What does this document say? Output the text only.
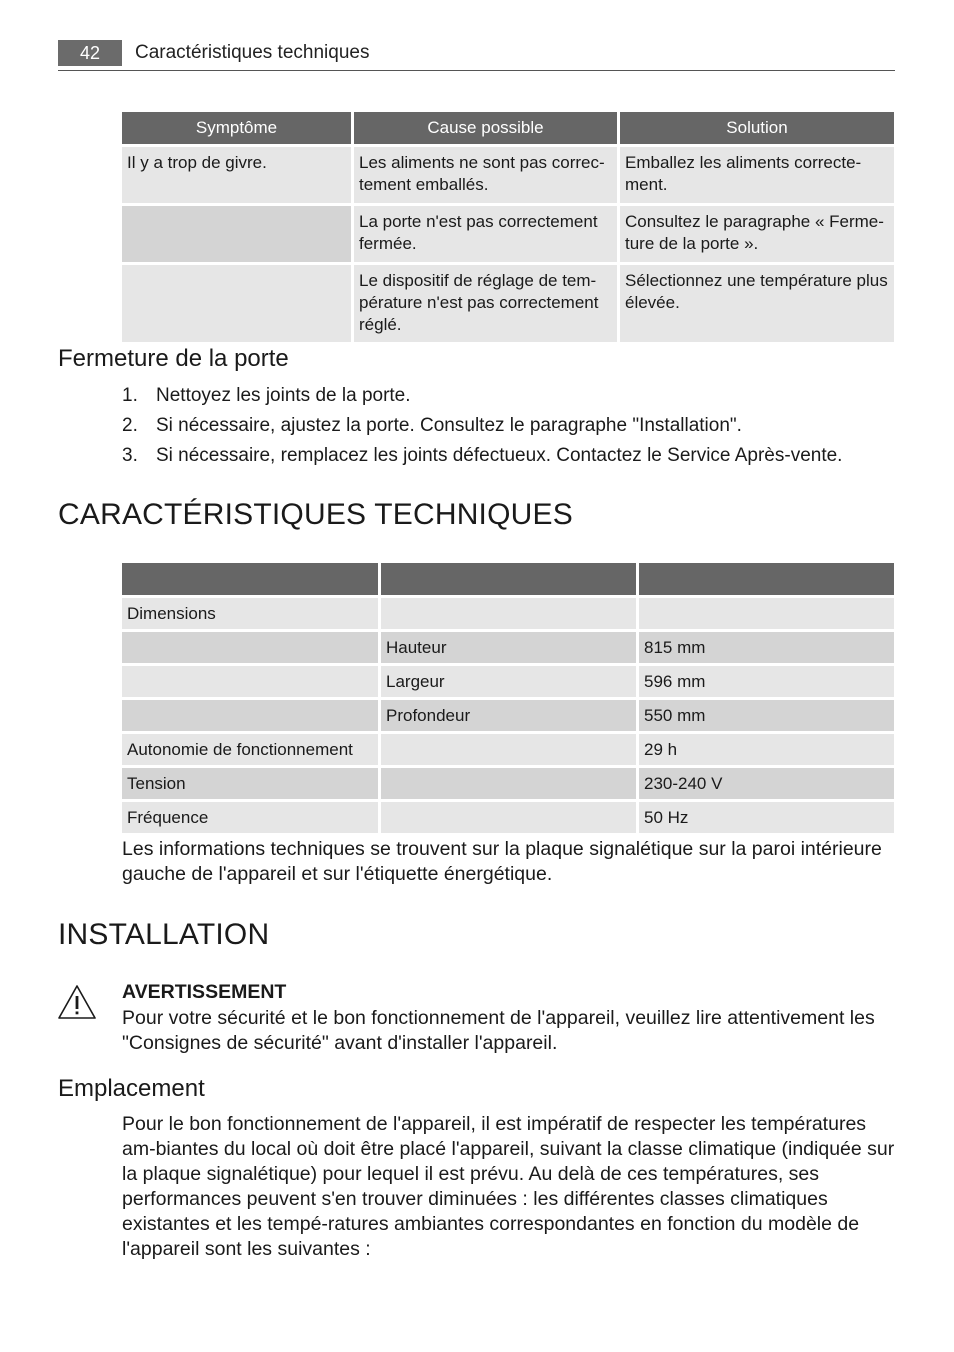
42	Caractéristiques techniques
Symptôme	Cause possible	Solution
Il y a trop de givre.	Les aliments ne sont pas correc-tement emballés.	Emballez les aliments correcte-ment.
	La porte n'est pas correctement fermée.	Consultez le paragraphe « Ferme-ture de la porte ».
	Le dispositif de réglage de tem-pérature n'est pas correctement réglé.	Sélectionnez une température plus élevée.
Fermeture de la porte
1. Nettoyez les joints de la porte.
2. Si nécessaire, ajustez la porte. Consultez le paragraphe "Installation".
3. Si nécessaire, remplacez les joints défectueux. Contactez le Service Après-vente.
CARACTÉRISTIQUES TECHNIQUES

Dimensions		
	Hauteur	815 mm
	Largeur	596 mm
	Profondeur	550 mm
Autonomie de fonctionnement		29 h
Tension		230-240 V
Fréquence		50 Hz
Les informations techniques se trouvent sur la plaque signalétique sur la paroi intérieure gauche de l'appareil et sur l'étiquette énergétique.
INSTALLATION
AVERTISSEMENT
Pour votre sécurité et le bon fonctionnement de l'appareil, veuillez lire attentivement les "Consignes de sécurité" avant d'installer l'appareil.
Emplacement
Pour le bon fonctionnement de l'appareil, il est impératif de respecter les températures am-biantes du local où doit être placé l'appareil, suivant la classe climatique (indiquée sur la plaque signalétique) pour lequel il est prévu. Au delà de ces températures, ses performances peuvent s'en trouver diminuées : les différentes classes climatiques existantes et les tempé-ratures ambiantes correspondantes en fonction du modèle de l'appareil sont les suivantes :
